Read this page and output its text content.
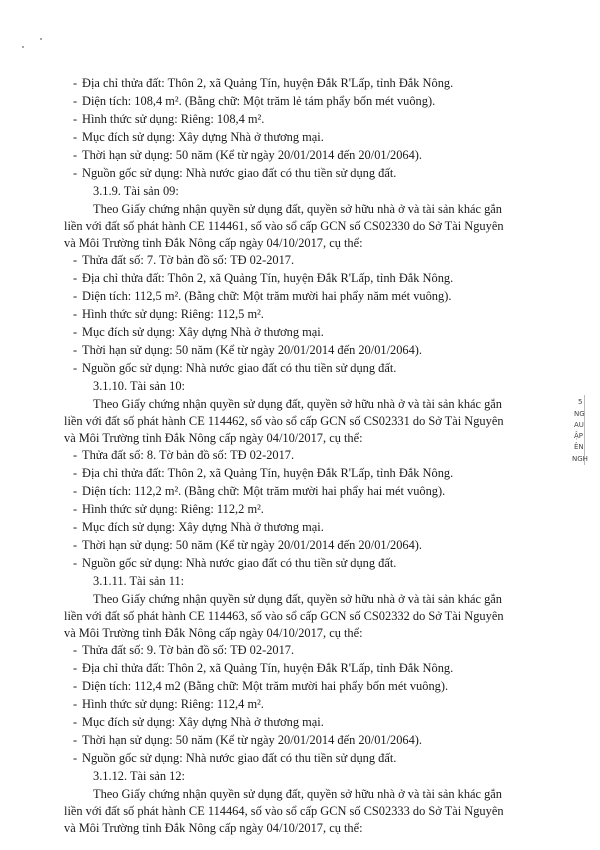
- Địa chỉ thửa đất: Thôn 2, xã Quảng Tín, huyện Đắk R'Lấp, tỉnh Đắk Nông.
- Diện tích: 108,4 m². (Bằng chữ: Một trăm lẻ tám phẩy bốn mét vuông).
- Hình thức sử dụng: Riêng: 108,4 m².
- Mục đích sử dụng: Xây dựng Nhà ở thương mại.
- Thời hạn sử dụng: 50 năm (Kể từ ngày 20/01/2014 đến 20/01/2064).
- Nguồn gốc sử dụng: Nhà nước giao đất có thu tiền sử dụng đất.
3.1.9. Tài sản 09:
Theo Giấy chứng nhận quyền sử dụng đất, quyền sở hữu nhà ở và tài sản khác gắn
liền với đất số phát hành CE 114461, số vào sổ cấp GCN số CS02330 do Sở Tài Nguyên
và Môi Trường tỉnh Đắk Nông cấp ngày 04/10/2017, cụ thể:
- Thửa đất số: 7. Tờ bản đồ số: TĐ 02-2017.
- Địa chỉ thửa đất: Thôn 2, xã Quảng Tín, huyện Đắk R'Lấp, tỉnh Đắk Nông.
- Diện tích: 112,5 m². (Bằng chữ: Một trăm mười hai phẩy năm mét vuông).
- Hình thức sử dụng: Riêng: 112,5 m².
- Mục đích sử dụng: Xây dựng Nhà ở thương mại.
- Thời hạn sử dụng: 50 năm (Kể từ ngày 20/01/2014 đến 20/01/2064).
- Nguồn gốc sử dụng: Nhà nước giao đất có thu tiền sử dụng đất.
3.1.10. Tài sản 10:
Theo Giấy chứng nhận quyền sử dụng đất, quyền sở hữu nhà ở và tài sản khác gắn
liền với đất số phát hành CE 114462, số vào sổ cấp GCN số CS02331 do Sở Tài Nguyên
và Môi Trường tỉnh Đắk Nông cấp ngày 04/10/2017, cụ thể:
- Thửa đất số: 8. Tờ bản đồ số: TĐ 02-2017.
- Địa chỉ thửa đất: Thôn 2, xã Quảng Tín, huyện Đắk R'Lấp, tỉnh Đắk Nông.
- Diện tích: 112,2 m². (Bằng chữ: Một trăm mười hai phẩy hai mét vuông).
- Hình thức sử dụng: Riêng: 112,2 m².
- Mục đích sử dụng: Xây dựng Nhà ở thương mại.
- Thời hạn sử dụng: 50 năm (Kể từ ngày 20/01/2014 đến 20/01/2064).
- Nguồn gốc sử dụng: Nhà nước giao đất có thu tiền sử dụng đất.
3.1.11. Tài sản 11:
Theo Giấy chứng nhận quyền sử dụng đất, quyền sở hữu nhà ở và tài sản khác gắn
liền với đất số phát hành CE 114463, số vào sổ cấp GCN số CS02332 do Sở Tài Nguyên
và Môi Trường tỉnh Đắk Nông cấp ngày 04/10/2017, cụ thể:
- Thửa đất số: 9. Tờ bản đồ số: TĐ 02-2017.
- Địa chỉ thửa đất: Thôn 2, xã Quảng Tín, huyện Đắk R'Lấp, tỉnh Đắk Nông.
- Diện tích: 112,4 m2 (Bằng chữ: Một trăm mười hai phẩy bốn mét vuông).
- Hình thức sử dụng: Riêng: 112,4 m².
- Mục đích sử dụng: Xây dựng Nhà ở thương mại.
- Thời hạn sử dụng: 50 năm (Kể từ ngày 20/01/2014 đến 20/01/2064).
- Nguồn gốc sử dụng: Nhà nước giao đất có thu tiền sử dụng đất.
3.1.12. Tài sản 12:
Theo Giấy chứng nhận quyền sử dụng đất, quyền sở hữu nhà ở và tài sản khác gắn
liền với đất số phát hành CE 114464, số vào sổ cấp GCN số CS02333 do Sở Tài Nguyên
và Môi Trường tỉnh Đắk Nông cấp ngày 04/10/2017, cụ thể:
5
NG
AU
ẬP
ÊN
NGH
